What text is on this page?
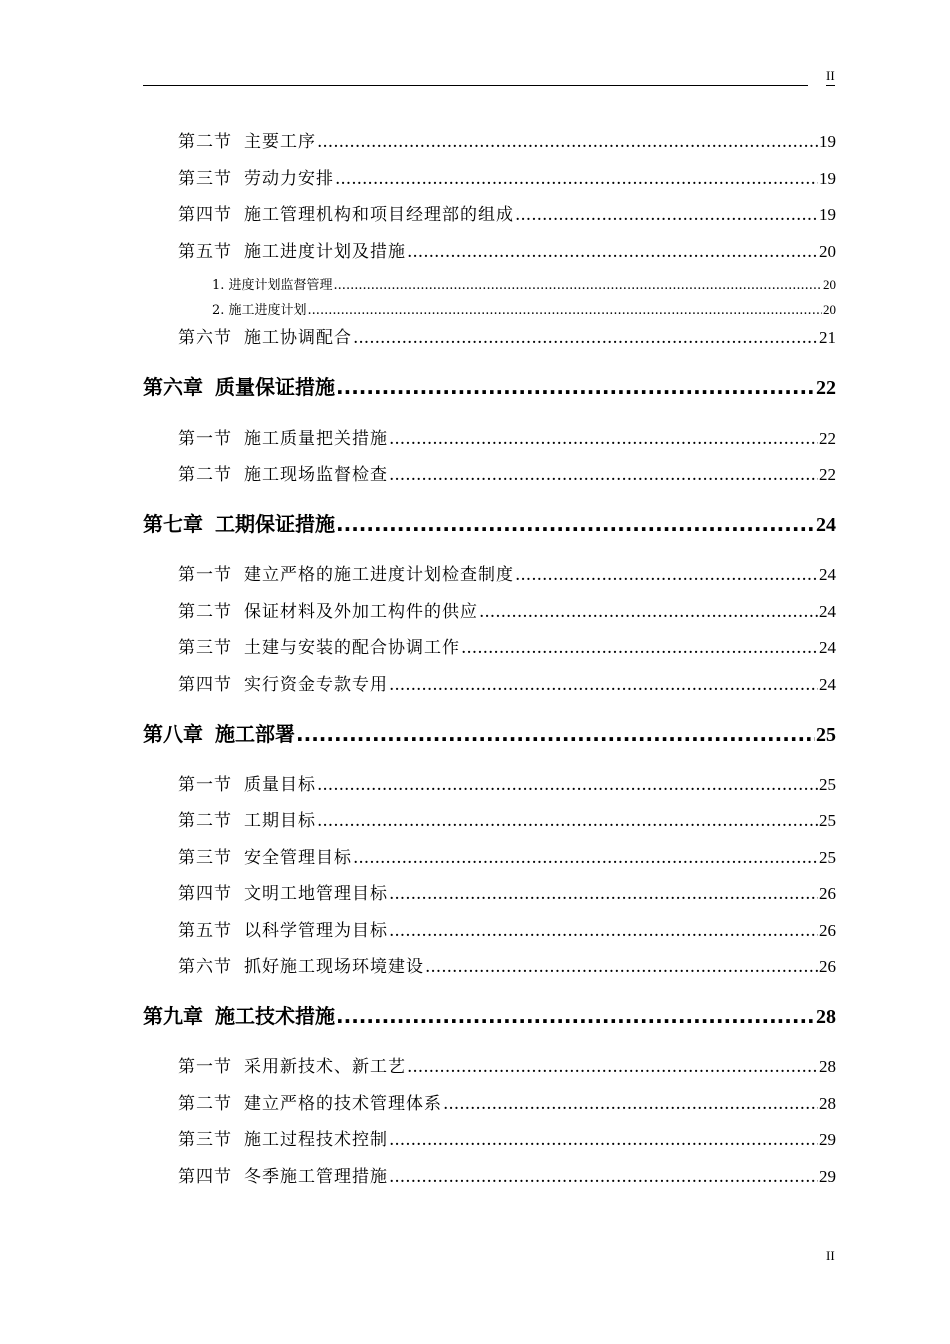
II
第二节 主要工序 .....	19
第三节 劳动力安排 .....	19
第四节 施工管理机构和项目经理部的组成 .....	19
第五节 施工进度计划及措施 .....	20
1. 进度计划监督管理 .....	20
2. 施工进度计划 .....	20
第六节 施工协调配合 .....	21
第六章 质量保证措施 .....	22
第一节 施工质量把关措施 .....	22
第二节 施工现场监督检查 .....	22
第七章 工期保证措施 .....	24
第一节 建立严格的施工进度计划检查制度 .....	24
第二节 保证材料及外加工构件的供应 .....	24
第三节 土建与安装的配合协调工作 .....	24
第四节 实行资金专款专用 .....	24
第八章 施工部署 .....	25
第一节 质量目标 .....	25
第二节 工期目标 .....	25
第三节 安全管理目标 .....	25
第四节 文明工地管理目标 .....	26
第五节 以科学管理为目标 .....	26
第六节 抓好施工现场环境建设 .....	26
第九章 施工技术措施 .....	28
第一节 采用新技术、新工艺 .....	28
第二节 建立严格的技术管理体系 .....	28
第三节 施工过程技术控制 .....	29
第四节 冬季施工管理措施 .....	29
II
